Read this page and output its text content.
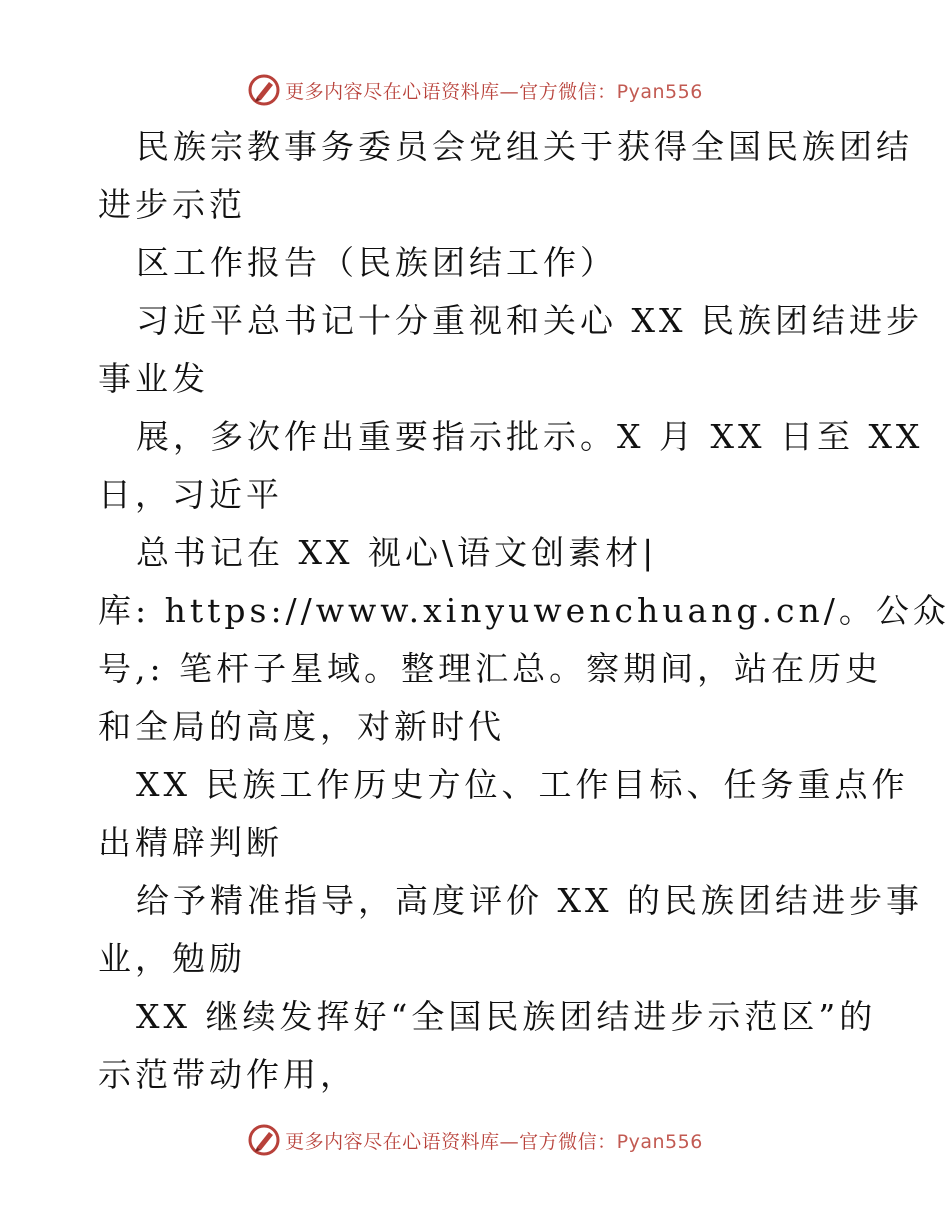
更多内容尽在心语资料库—官方微信：Pyan556
民族宗教事务委员会党组关于获得全国民族团结
进步示范
区工作报告（民族团结工作）
习近平总书记十分重视和关心 XX 民族团结进步
事业发
展，多次作出重要指示批示。X 月 XX 日至 XX
日，习近平
总书记在 XX 视心\语文创素材|
库: https://www.xinyuwenchuang.cn/。公众
号,: 笔杆子星域。整理汇总。察期间，站在历史
和全局的高度，对新时代
XX 民族工作历史方位、工作目标、任务重点作
出精辟判断
给予精准指导，高度评价 XX 的民族团结进步事
业，勉励
XX 继续发挥好“全国民族团结进步示范区”的
示范带动作用，
更多内容尽在心语资料库—官方微信：Pyan556
